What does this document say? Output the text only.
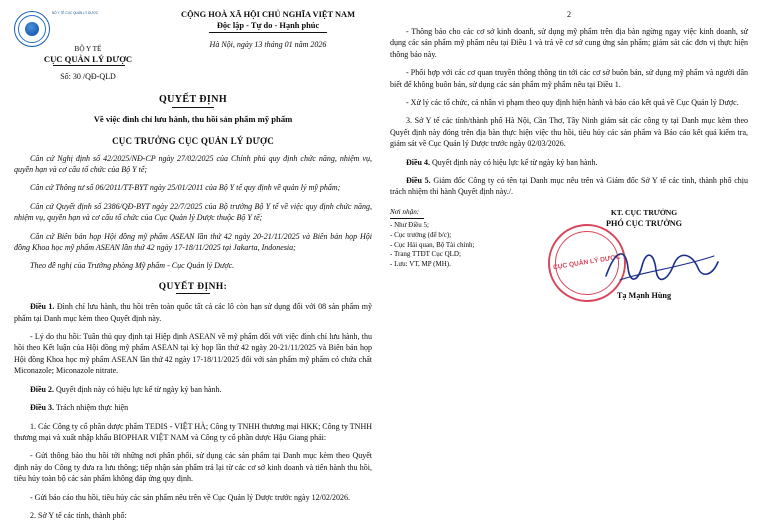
BỘ Y TẾ CỤC QUẢN LÝ DƯỢC
BỘ Y TẾ
CỤC QUẢN LÝ DƯỢC
Số: 30 /QĐ-QLD
CỘNG HOÀ XÃ HỘI CHỦ NGHĨA VIỆT NAM
Độc lập - Tự do - Hạnh phúc
Hà Nội, ngày 13 tháng 01 năm 2026
QUYẾT ĐỊNH
Về việc đình chỉ lưu hành, thu hồi sản phẩm mỹ phẩm
CỤC TRƯỞNG CỤC QUẢN LÝ DƯỢC

Căn cứ Nghị định số 42/2025/NĐ-CP ngày 27/02/2025 của Chính phủ quy định chức năng, nhiệm vụ, quyền hạn và cơ cấu tổ chức của Bộ Y tế;

Căn cứ Thông tư số 06/2011/TT-BYT ngày 25/01/2011 của Bộ Y tế quy định về quản lý mỹ phẩm;

Căn cứ Quyết định số 2386/QĐ-BYT ngày 22/7/2025 của Bộ trưởng Bộ Y tế về việc quy định chức năng, nhiệm vụ, quyền hạn và cơ cấu tổ chức của Cục Quản lý Dược thuộc Bộ Y tế;

Căn cứ Biên bản họp Hội đồng mỹ phẩm ASEAN lần thứ 42 ngày 20-21/11/2025 và Biên bản họp Hội đồng Khoa học mỹ phẩm ASEAN lần thứ 42 ngày 17-18/11/2025 tại Jakarta, Indonesia;

Theo đề nghị của Trưởng phòng Mỹ phẩm - Cục Quản lý Dược.

QUYẾT ĐỊNH:

Điều 1. Đình chỉ lưu hành, thu hồi trên toàn quốc tất cả các lô còn hạn sử dụng đối với 08 sản phẩm mỹ phẩm tại Danh mục kèm theo Quyết định này.

- Lý do thu hồi: Tuân thủ quy định tại Hiệp định ASEAN về mỹ phẩm đối với việc đình chỉ lưu hành, thu hồi theo Kết luận của Hội đồng mỹ phẩm ASEAN tại kỳ họp lần thứ 42 ngày 20-21/11/2025 và Biên bản họp Hội đồng Khoa học mỹ phẩm ASEAN lần thứ 42 ngày 17-18/11/2025 đối với sản phẩm mỹ phẩm có chứa chất Miconazole; Miconazole nitrate.

Điều 2. Quyết định này có hiệu lực kể từ ngày ký ban hành.

Điều 3. Trách nhiệm thực hiện

1. Các Công ty cổ phần dược phẩm TEDIS - VIỆT HÀ; Công ty TNHH thương mại HKK; Công ty TNHH thương mại và xuất nhập khẩu BIOPHAR VIỆT NAM và Công ty cổ phần dược Hậu Giang phải:

- Gửi thông báo thu hồi tới những nơi phân phối, sử dụng các sản phẩm tại Danh mục kèm theo Quyết định này do Công ty đưa ra lưu thông; tiếp nhận sản phẩm trả lại từ các cơ sở kinh doanh và tiến hành thu hồi, tiêu hủy toàn bộ các sản phẩm không đáp ứng quy định.

- Gửi báo cáo thu hồi, tiêu hủy các sản phẩm nêu trên về Cục Quản lý Dược trước ngày 12/02/2026.

2. Sở Y tế các tỉnh, thành phố:

2

- Thông báo cho các cơ sở kinh doanh, sử dụng mỹ phẩm trên địa bàn ngừng ngay việc kinh doanh, sử dụng các sản phẩm mỹ phẩm nêu tại Điều 1 và trả về cơ sở cung ứng sản phẩm; giám sát các đơn vị thực hiện thông báo này.

- Phối hợp với các cơ quan truyền thông thông tin tới các cơ sở buôn bán, sử dụng mỹ phẩm và người dân biết để không buôn bán, sử dụng các sản phẩm mỹ phẩm nêu tại Điều 1.

- Xử lý các tổ chức, cá nhân vi phạm theo quy định hiện hành và báo cáo kết quả về Cục Quản lý Dược.

3. Sở Y tế các tỉnh/thành phố Hà Nội, Cần Thơ, Tây Ninh giám sát các công ty tại Danh mục kèm theo Quyết định này đóng trên địa bàn thực hiện việc thu hồi, tiêu hủy các sản phẩm và Báo cáo kết quả kiểm tra, giám sát về Cục Quản lý Dược trước ngày 02/03/2026.

Điều 4. Quyết định này có hiệu lực kể từ ngày ký ban hành.

Điều 5. Giám đốc Công ty có tên tại Danh mục nêu trên và Giám đốc Sở Y tế các tỉnh, thành phố chịu trách nhiệm thi hành Quyết định này./.

Nơi nhận:
- Như Điều 5;
- Cục trưởng (để b/c);
- Cục Hải quan, Bộ Tài chính;
- Trang TTĐT Cục QLD;
- Lưu: VT, MP (MH).
KT. CỤC TRƯỞNG
PHÓ CỤC TRƯỞNG
CỤC QUẢN LÝ DƯỢC
Tạ Mạnh Hùng
